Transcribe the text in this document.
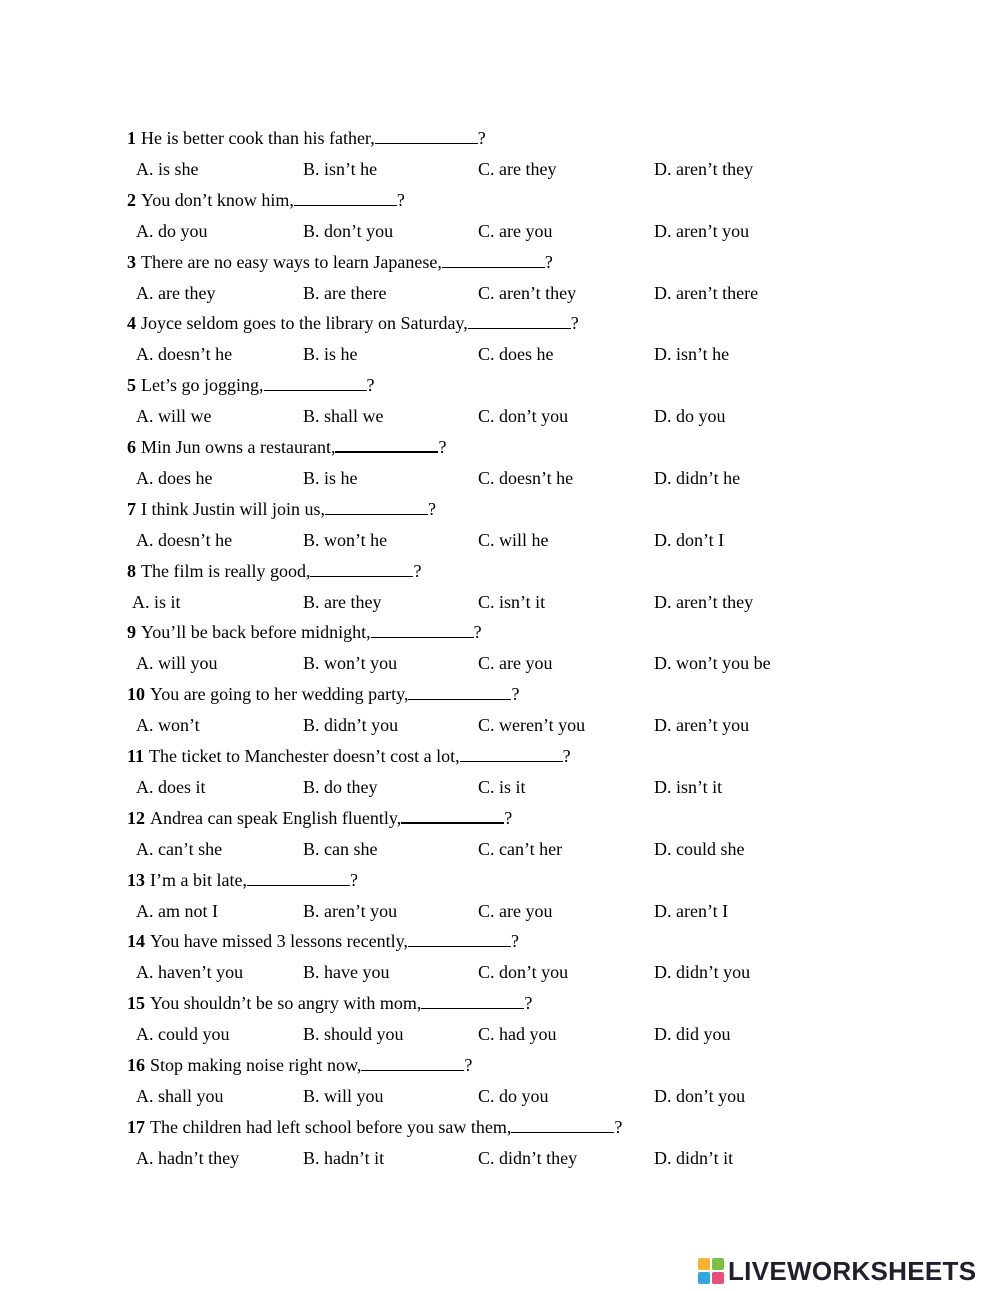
1 He is better cook than his father,	?
A. is she	B. isn’t he	C. are they	D. aren’t they
2 You don’t know him,	?
A. do you	B. don’t you	C. are you	D. aren’t you
3 There are no easy ways to learn Japanese,	?
A. are they	B. are there	C. aren’t they	D. aren’t there
4 Joyce seldom goes to the library on Saturday,	?
A. doesn’t he	B. is he	C. does he	D. isn’t he
5 Let’s go jogging,	?
A. will we	B. shall we	C. don’t you	D. do you
6 Min Jun owns a restaurant,	?
A. does he	B. is he	C. doesn’t he	D. didn’t he
7 I think Justin will join us,	?
A. doesn’t he	B. won’t he	C. will he	D. don’t I
8 The film is really good,	?
A. is it	B. are they	C. isn’t it	D. aren’t they
9 You’ll be back before midnight,	?
A. will you	B. won’t you	C. are you	D. won’t you be
10 You are going to her wedding party,	?
A. won’t	B. didn’t you	C. weren’t you	D. aren’t you
11 The ticket to Manchester doesn’t cost a lot,	?
A. does it	B. do they	C. is it	D. isn’t it
12 Andrea can speak English fluently,	?
A. can’t she	B. can she	C. can’t her	D. could she
13 I’m a bit late,	?
A. am not I	B. aren’t you	C. are you	D. aren’t I
14 You have missed 3 lessons recently,	?
A. haven’t you	B. have you	C. don’t you	D. didn’t you
15 You shouldn’t be so angry with mom,	?
A. could you	B. should you	C. had you	D. did you
16 Stop making noise right now,	?
A. shall you	B. will you	C. do you	D. don’t you
17 The children had left school before you saw them,	?
A. hadn’t they	B. hadn’t it	C. didn’t they	D. didn’t it
LIVEWORKSHEETS
